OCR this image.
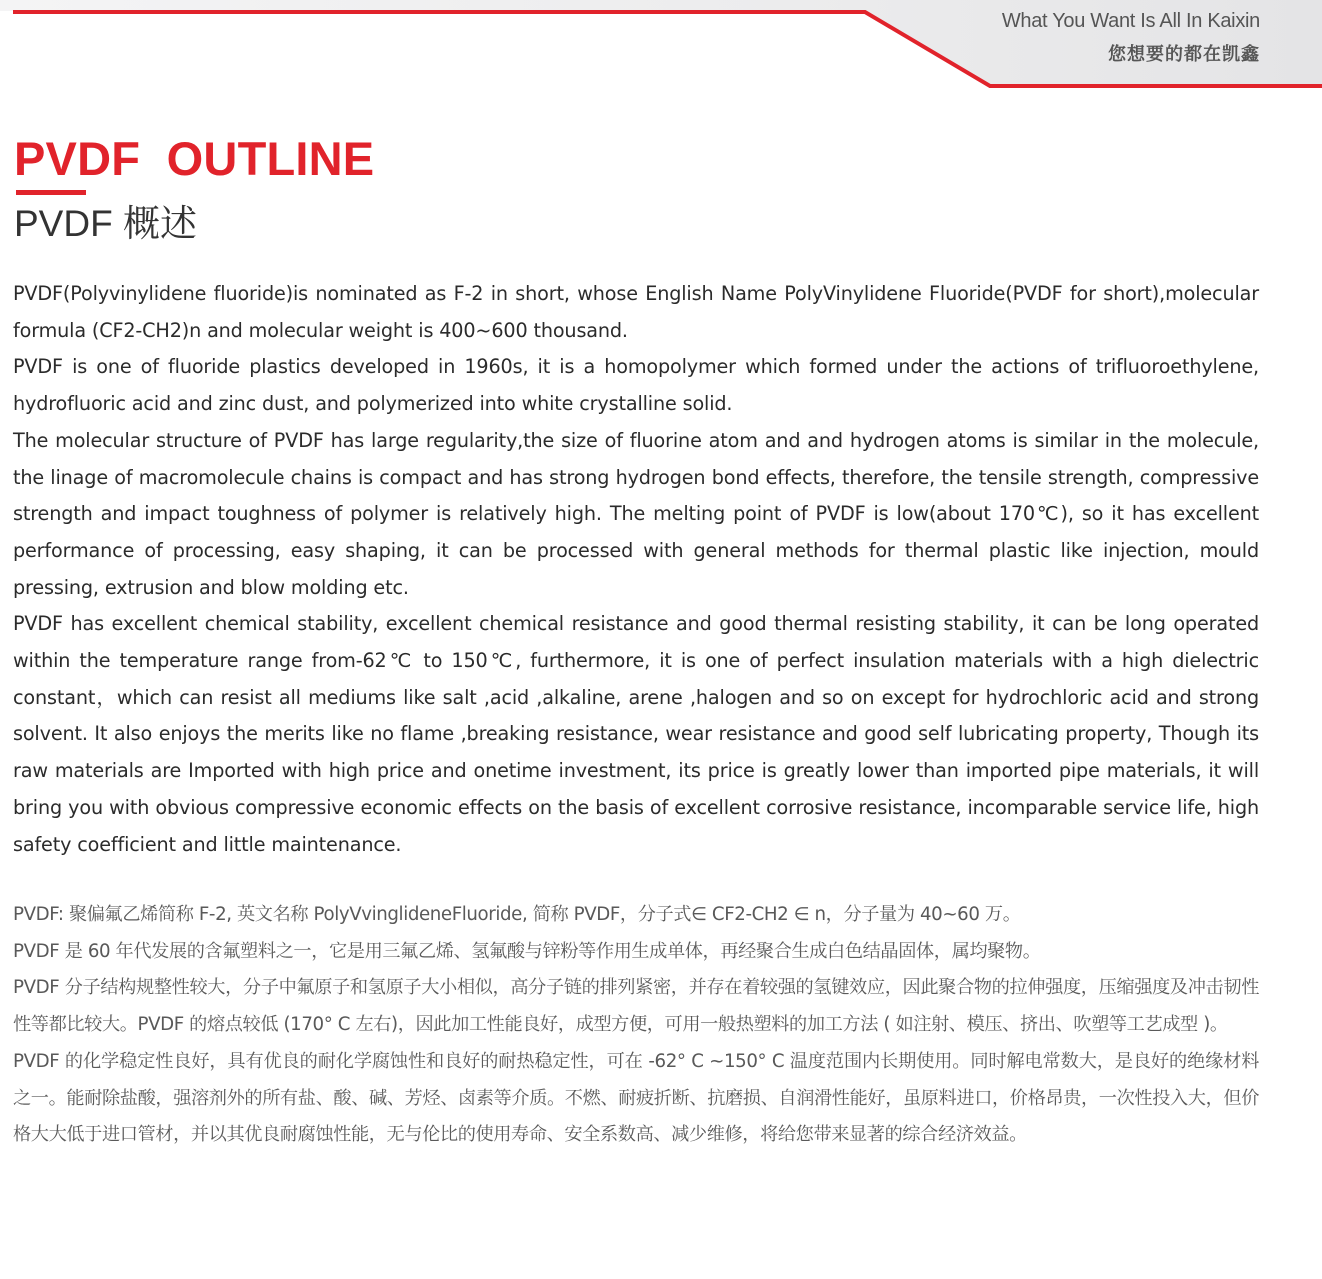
What You Want Is All In Kaixin
您想要的都在凯鑫
PVDF  OUTLINE
PVDF 概述

PVDF(Polyvinylidene fluoride)is nominated as F-2 in short, whose English Name PolyVinylidene Fluoride(PVDF for short),molecular formula (CF2-CH2)n and molecular weight is 400~600 thousand.

PVDF is one of fluoride plastics developed in 1960s, it is a homopolymer which formed under the actions of trifluoroethylene, hydrofluoric acid and zinc dust, and polymerized into white crystalline solid.

The molecular structure of PVDF has large regularity,the size of fluorine atom and and hydrogen atoms is similar in the molecule, the linage of macromolecule chains is compact and has strong hydrogen bond effects, therefore, the tensile strength, compressive strength and impact toughness of polymer is relatively high. The melting point of PVDF is low(about 170℃), so it has excellent performance of processing, easy shaping, it can be processed with general methods for thermal plastic like injection, mould pressing, extrusion and blow molding etc.

PVDF has excellent chemical stability, excellent chemical resistance and good thermal resisting stability, it can be long operated within the temperature range from-62℃ to 150℃, furthermore, it is one of perfect insulation materials with a high dielectric constant，which can resist all mediums like salt ,acid ,alkaline, arene ,halogen and so on except for hydrochloric acid and strong solvent. It also enjoys the merits like no flame ,breaking resistance, wear resistance and good self lubricating property, Though its raw materials are Imported with high price and onetime investment, its price is greatly lower than imported pipe materials, it will bring you with obvious compressive economic effects on the basis of excellent corrosive resistance, incomparable service life, high safety coefficient and little maintenance.

PVDF: 聚偏氟乙烯简称 F-2, 英文名称 PolyVvinglideneFluoride, 简称 PVDF，分子式∈ CF2-CH2 ∈ n，分子量为 40~60 万。

PVDF 是 60 年代发展的含氟塑料之一，它是用三氟乙烯、氢氟酸与锌粉等作用生成单体，再经聚合生成白色结晶固体，属均聚物。

PVDF 分子结构规整性较大，分子中氟原子和氢原子大小相似，高分子链的排列紧密，并存在着较强的氢键效应，因此聚合物的拉伸强度，压缩强度及冲击韧性性等都比较大。PVDF 的熔点较低 (170° C 左右)，因此加工性能良好，成型方便，可用一般热塑料的加工方法 ( 如注射、模压、挤出、吹塑等工艺成型 )。

PVDF 的化学稳定性良好，具有优良的耐化学腐蚀性和良好的耐热稳定性，可在 -62° C ~150° C 温度范围内长期使用。同时解电常数大，是良好的绝缘材料之一。能耐除盐酸，强溶剂外的所有盐、酸、碱、芳烃、卤素等介质。不燃、耐疲折断、抗磨损、自润滑性能好，虽原料进口，价格昂贵，一次性投入大，但价格大大低于进口管材，并以其优良耐腐蚀性能，无与伦比的使用寿命、安全系数高、减少维修，将给您带来显著的综合经济效益。
